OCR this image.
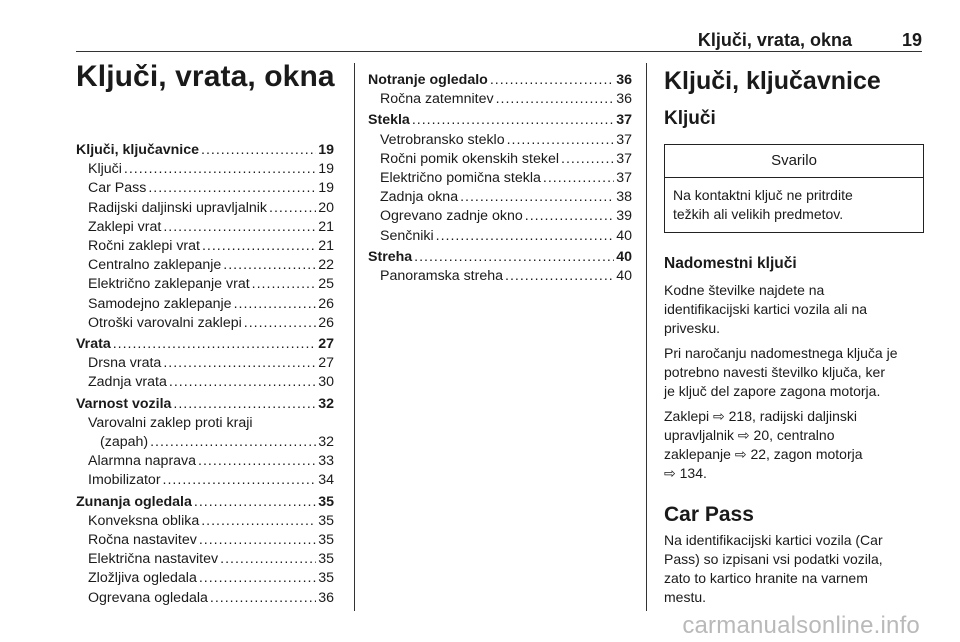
Ključi, vrata, okna	19
Ključi, vrata, okna
Ključi, ključavnice .....	19
Ključi .....	19
Car Pass .....	19
Radijski daljinski upravljalnik .....	20
Zaklepi vrat .....	21
Ročni zaklepi vrat .....	21
Centralno zaklepanje .....	22
Električno zaklepanje vrat .....	25
Samodejno zaklepanje .....	26
Otroški varovalni zaklepi .....	26
Vrata .....	27
Drsna vrata .....	27
Zadnja vrata .....	30
Varnost vozila .....	32
Varovalni zaklep proti kraji
(zapah) .....	32
Alarmna naprava .....	33
Imobilizator .....	34
Zunanja ogledala .....	35
Konveksna oblika .....	35
Ročna nastavitev .....	35
Električna nastavitev .....	35
Zložljiva ogledala .....	35
Ogrevana ogledala .....	36
Notranje ogledalo .....	36
Ročna zatemnitev .....	36
Stekla .....	37
Vetrobransko steklo .....	37
Ročni pomik okenskih stekel .....	37
Električno pomična stekla .....	37
Zadnja okna .....	38
Ogrevano zadnje okno .....	39
Senčniki .....	40
Streha .....	40
Panoramska streha .....	40
Ključi, ključavnice
Ključi
Svarilo
Na kontaktni ključ ne pritrdite
težkih ali velikih predmetov.
Nadomestni ključi
Kodne številke najdete na
identifikacijski kartici vozila ali na
privesku.
Pri naročanju nadomestnega ključa je
potrebno navesti številko ključa, ker
je ključ del zapore zagona motorja.
Zaklepi ⇨ 218, radijski daljinski
upravljalnik ⇨ 20, centralno
zaklepanje ⇨ 22, zagon motorja
⇨ 134.
Car Pass
Na identifikacijski kartici vozila (Car
Pass) so izpisani vsi podatki vozila,
zato to kartico hranite na varnem
mestu.
carmanualsonline.info
